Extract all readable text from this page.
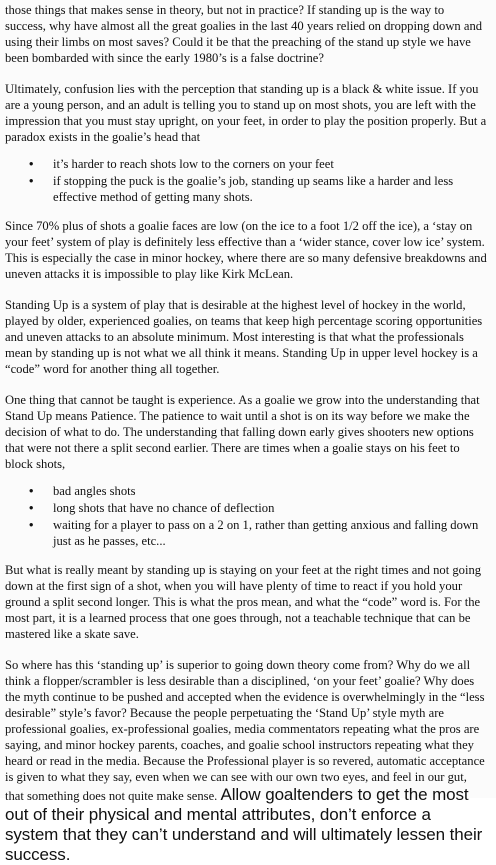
those things that makes sense in theory, but not in practice? If standing up is the way to success, why have almost all the great goalies in the last 40 years relied on dropping down and using their limbs on most saves? Could it be that the preaching of the stand up style we have been bombarded with since the early 1980’s is a false doctrine?

Ultimately, confusion lies with the perception that standing up is a black & white issue. If you are a young person, and an adult is telling you to stand up on most shots, you are left with the impression that you must stay upright, on your feet, in order to play the position properly. But a paradox exists in the goalie’s head that

• it’s harder to reach shots low to the corners on your feet
• if stopping the puck is the goalie’s job, standing up seams like a harder and less effective method of getting many shots.

Since 70% plus of shots a goalie faces are low (on the ice to a foot 1/2 off the ice), a ‘stay on your feet’ system of play is definitely less effective than a ‘wider stance, cover low ice’ system. This is especially the case in minor hockey, where there are so many defensive breakdowns and uneven attacks it is impossible to play like Kirk McLean.

Standing Up is a system of play that is desirable at the highest level of hockey in the world, played by older, experienced goalies, on teams that keep high percentage scoring opportunities and uneven attacks to an absolute minimum. Most interesting is that what the professionals mean by standing up is not what we all think it means. Standing Up in upper level hockey is a “code” word for another thing all together.

One thing that cannot be taught is experience. As a goalie we grow into the understanding that Stand Up means Patience. The patience to wait until a shot is on its way before we make the decision of what to do. The understanding that falling down early gives shooters new options that were not there a split second earlier. There are times when a goalie stays on his feet to block shots,

• bad angles shots
• long shots that have no chance of deflection
• waiting for a player to pass on a 2 on 1, rather than getting anxious and falling down just as he passes, etc...

But what is really meant by standing up is staying on your feet at the right times and not going down at the first sign of a shot, when you will have plenty of time to react if you hold your ground a split second longer. This is what the pros mean, and what the “code” word is. For the most part, it is a learned process that one goes through, not a teachable technique that can be mastered like a skate save.

So where has this ‘standing up’ is superior to going down theory come from? Why do we all think a flopper/scrambler is less desirable than a disciplined, ‘on your feet’ goalie? Why does the myth continue to be pushed and accepted when the evidence is overwhelmingly in the “less desirable” style’s favor? Because the people perpetuating the ‘Stand Up’ style myth are professional goalies, ex-professional goalies, media commentators repeating what the pros are saying, and minor hockey parents, coaches, and goalie school instructors repeating what they heard or read in the media. Because the Professional player is so revered, automatic acceptance is given to what they say, even when we can see with our own two eyes, and feel in our gut, that something does not quite make sense. Allow goaltenders to get the most out of their physical and mental attributes, don’t enforce a system that they can’t understand and will ultimately lessen their success.
